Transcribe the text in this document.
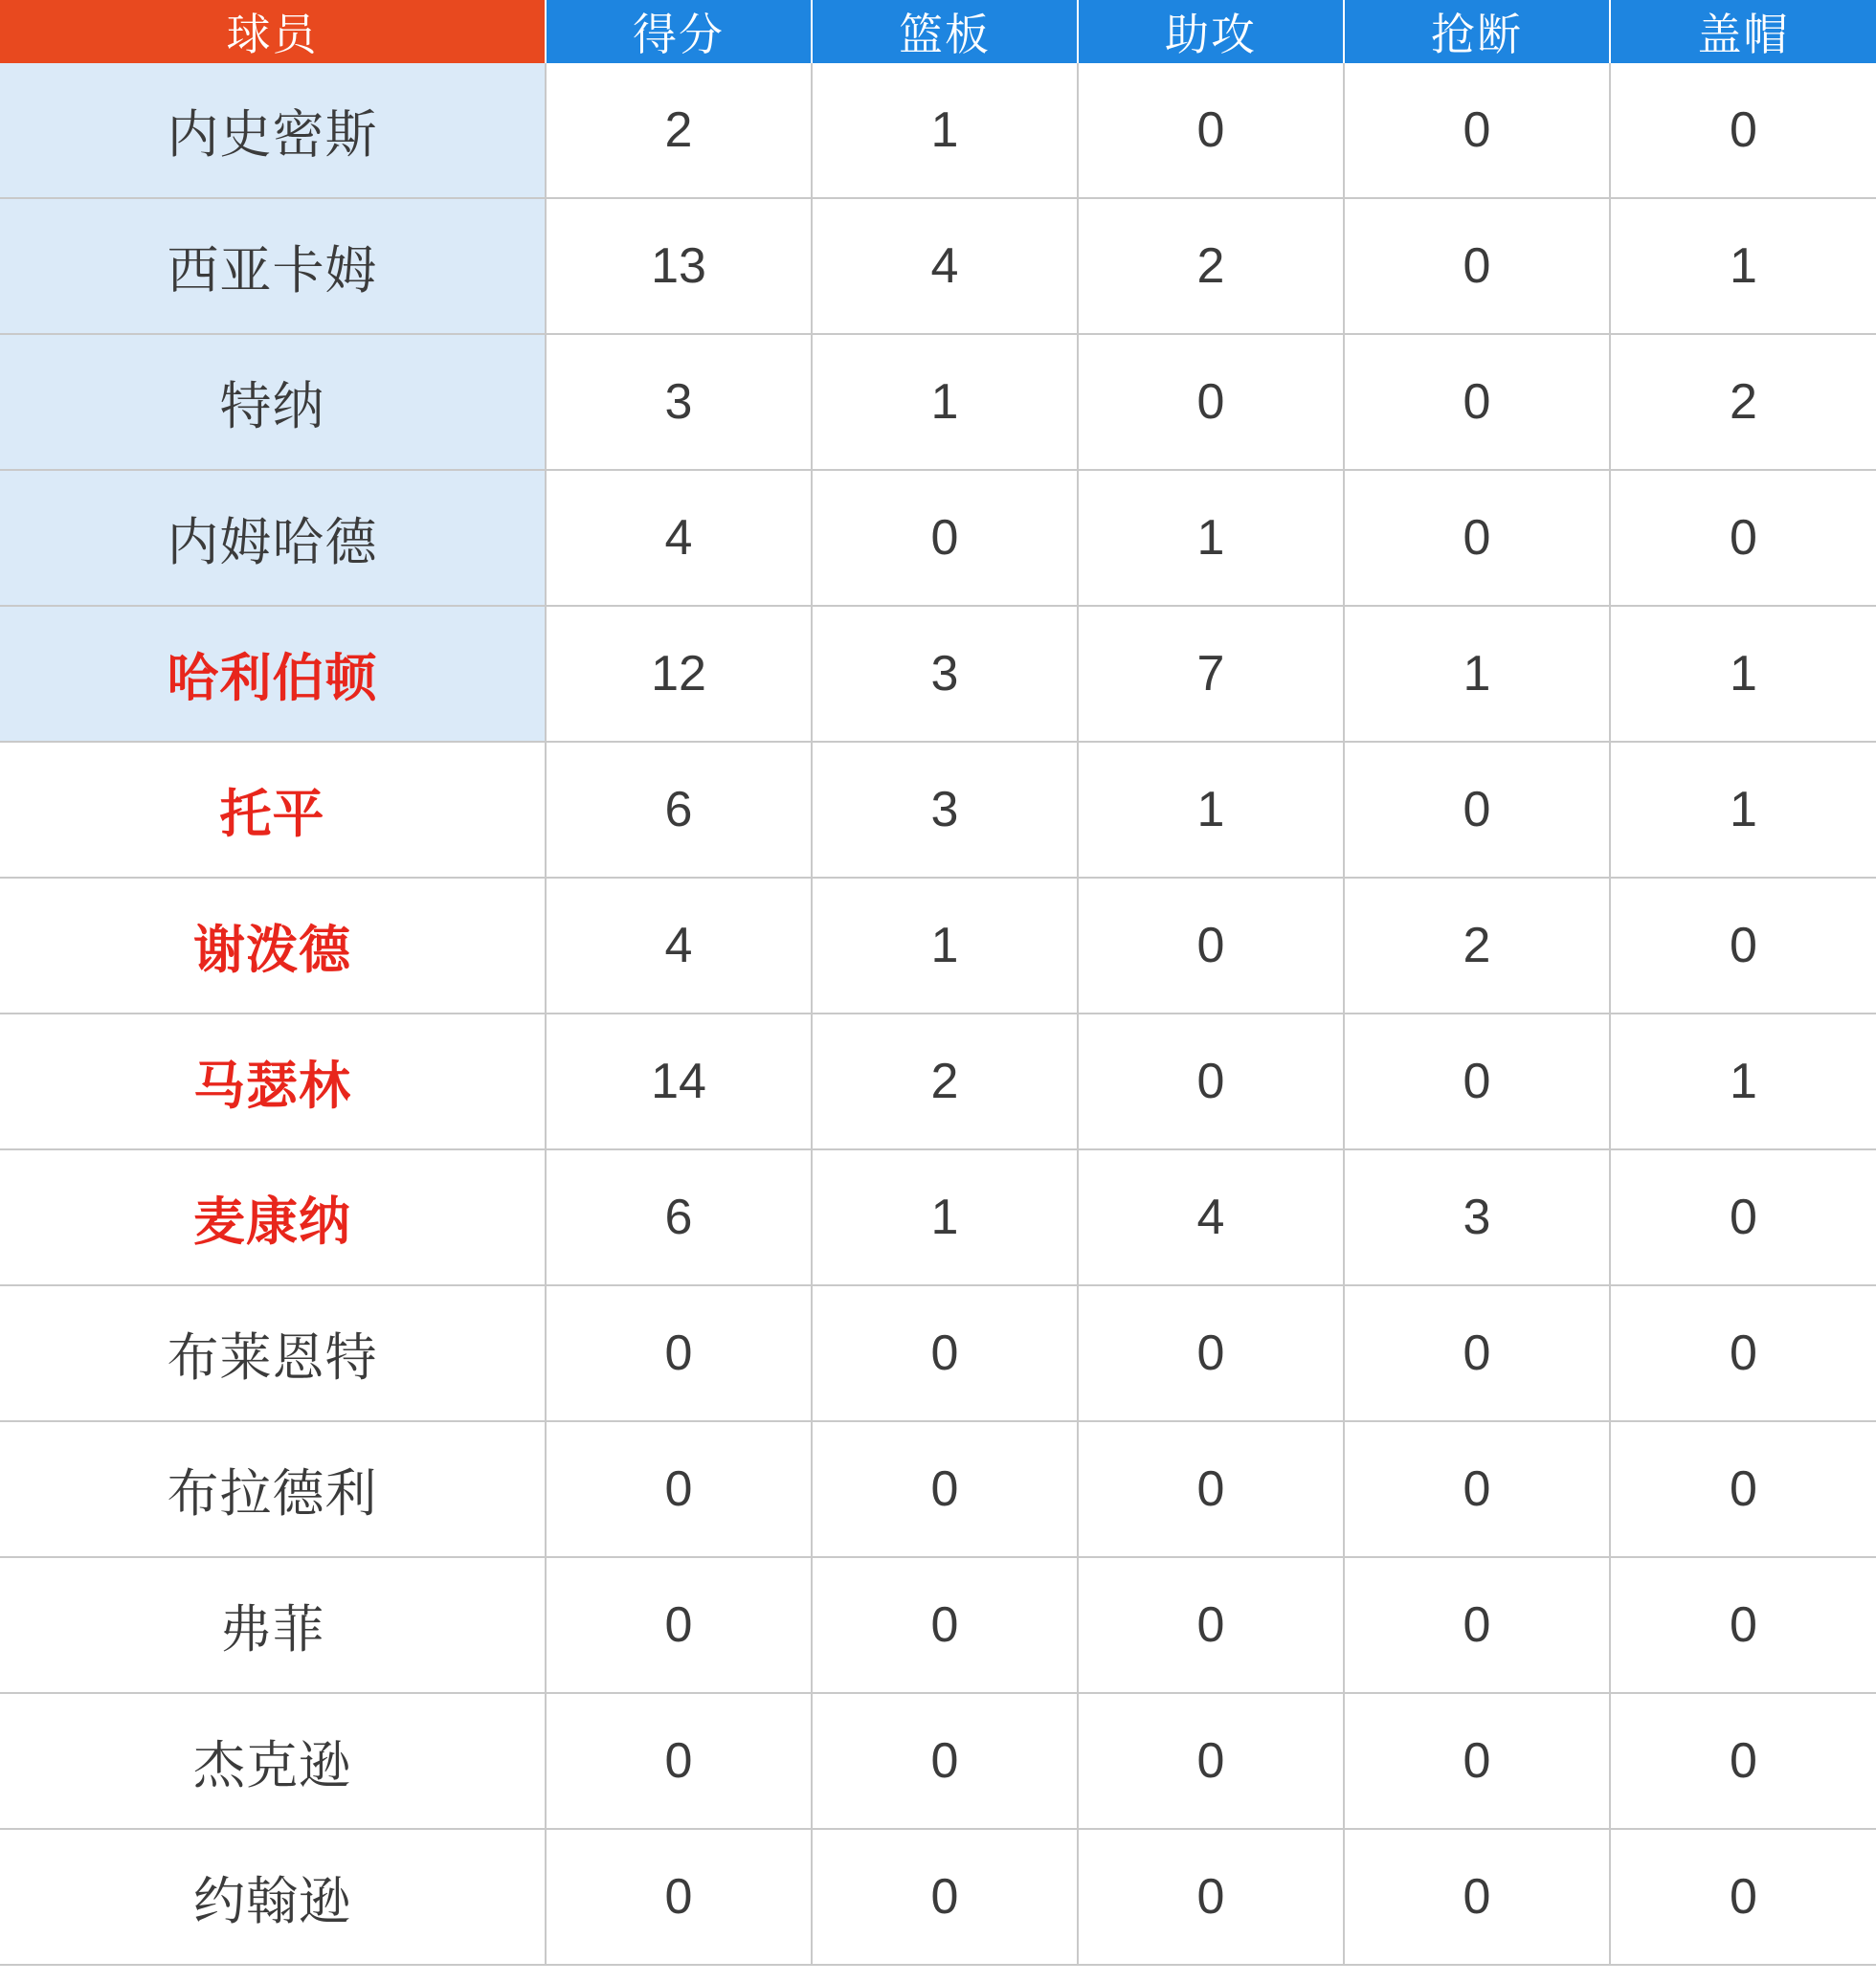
球员	得分	篮板	助攻	抢断	盖帽
内史密斯	2	1	0	0	0
西亚卡姆	13	4	2	0	1
特纳	3	1	0	0	2
内姆哈德	4	0	1	0	0
哈利伯顿	12	3	7	1	1
托平	6	3	1	0	1
谢泼德	4	1	0	2	0
马瑟林	14	2	0	0	1
麦康纳	6	1	4	3	0
布莱恩特	0	0	0	0	0
布拉德利	0	0	0	0	0
弗菲	0	0	0	0	0
杰克逊	0	0	0	0	0
约翰逊	0	0	0	0	0
